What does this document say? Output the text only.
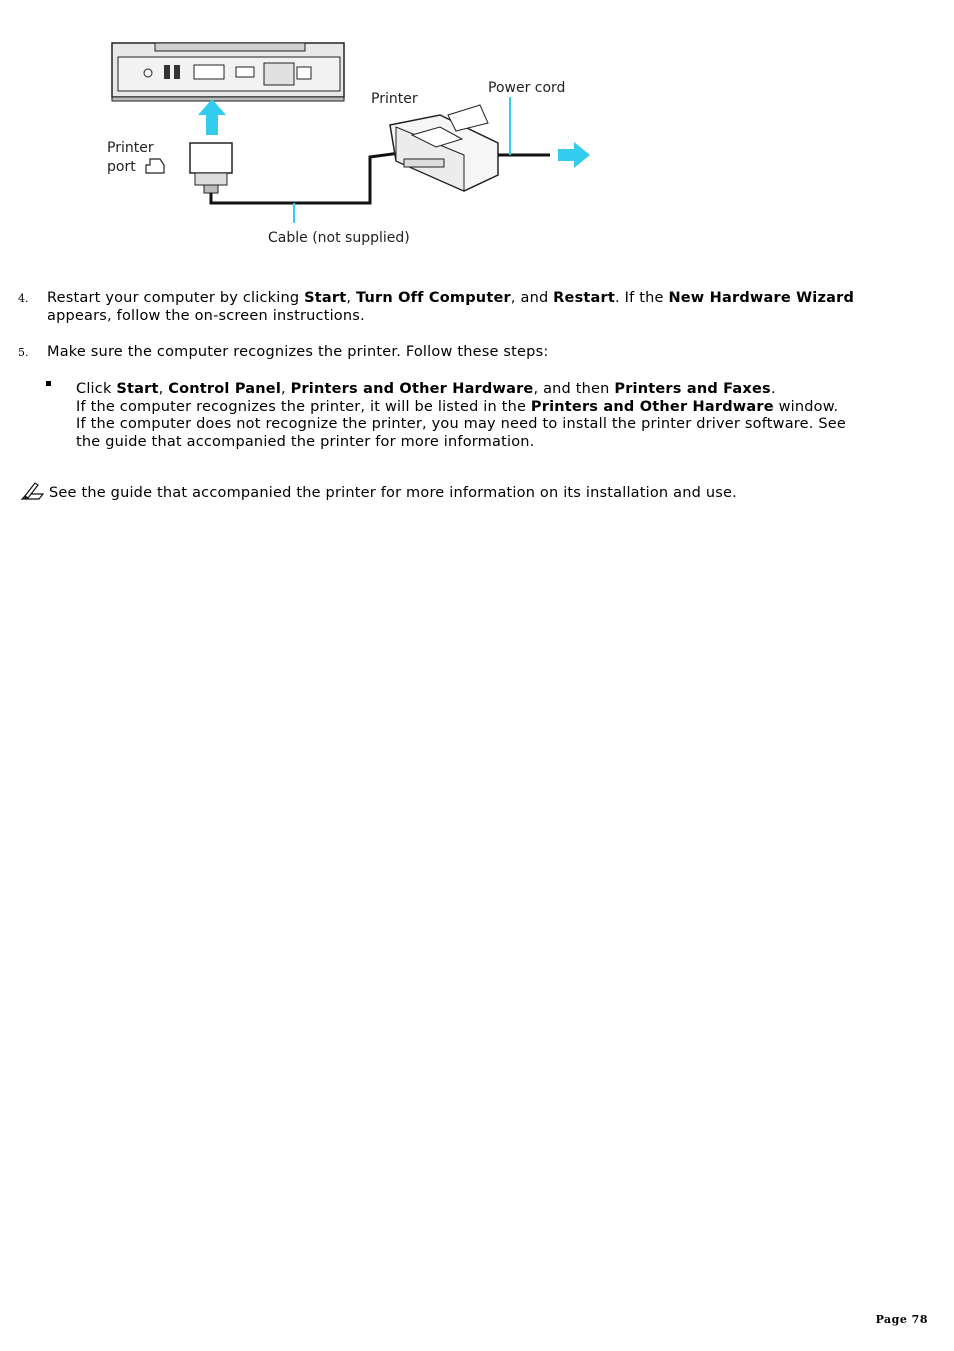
Printer
port
Cable (not supplied)
Printer
Power cord
4. Restart your computer by clicking Start, Turn Off Computer, and Restart. If the New Hardware Wizard
appears, follow the on-screen instructions.
5. Make sure the computer recognizes the printer. Follow these steps:
Click Start, Control Panel, Printers and Other Hardware, and then Printers and Faxes.
If the computer recognizes the printer, it will be listed in the Printers and Other Hardware window.
If the computer does not recognize the printer, you may need to install the printer driver software. See
the guide that accompanied the printer for more information.
See the guide that accompanied the printer for more information on its installation and use.
Page 78
